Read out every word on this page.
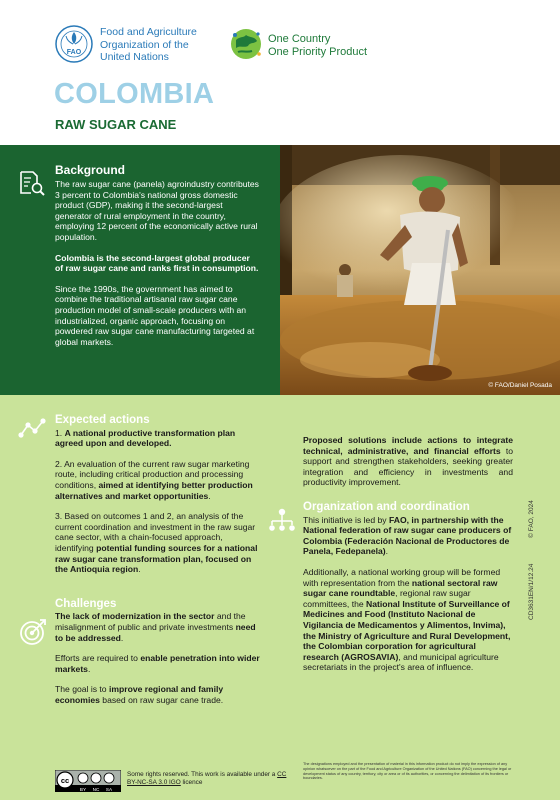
FAO
Food and Agriculture
Organization of the
United Nations
One Country
One Priority Product
COLOMBIA
RAW SUGAR CANE
Background

The raw sugar cane (panela) agroindustry contributes 3 percent to Colombia's national gross domestic product (GDP), making it the second-largest generator of rural employment in the country, employing 12 percent of the economically active rural population.

Colombia is the second-largest global producer of raw sugar cane and ranks first in consumption.

Since the 1990s, the government has aimed to combine the traditional artisanal raw sugar cane production model of small-scale producers with an industrialized, organic approach, focusing on powdered raw sugar cane manufacturing targeted at global markets.

© FAO/Daniel Posada
Expected actions

1. A national productive transformation plan agreed upon and developed.

2. An evaluation of the current raw sugar marketing route, including critical production and processing conditions, aimed at identifying better production alternatives and market opportunities.

3. Based on outcomes 1 and 2, an analysis of the current coordination and investment in the raw sugar cane sector, with a chain-focused approach, identifying potential funding sources for a national raw sugar cane transformation plan, focused on the Antioquia region.

Challenges

The lack of modernization in the sector and the misalignment of public and private investments need to be addressed.

Efforts are required to enable penetration into wider markets.

The goal is to improve regional and family economies based on raw sugar cane trade.

Proposed solutions include actions to integrate technical, administrative, and financial efforts to support and strengthen stakeholders, seeking greater integration and efficiency in investments and productivity improvement.

Organization and coordination

This initiative is led by FAO, in partnership with the National federation of raw sugar cane producers of Colombia (Federación Nacional de Productores de Panela, Fedepanela).

Additionally, a national working group will be formed with representation from the national sectoral raw sugar cane roundtable, regional raw sugar committees, the National Institute of Surveillance of Medicines and Food (Instituto Nacional de Vigilancia de Medicamentos y Alimentos, Invima), the Ministry of Agriculture and Rural Development, the Colombian corporation for agricultural research (AGROSAVIA), and municipal agriculture secretariats in the project's area of influence.

CD3631EN/1/12.24 © FAO, 2024
cc
BY NC SA
Some rights reserved. This work is available under a CC BY-NC-SA 3.0 IGO licence
The designations employed and the presentation of material in this information product do not imply the expression of any opinion whatsoever on the part of the Food and Agriculture Organization of the United Nations (FAO) concerning the legal or development status of any country, territory, city or area or of its authorities, or concerning the delimitation of its frontiers or boundaries.
